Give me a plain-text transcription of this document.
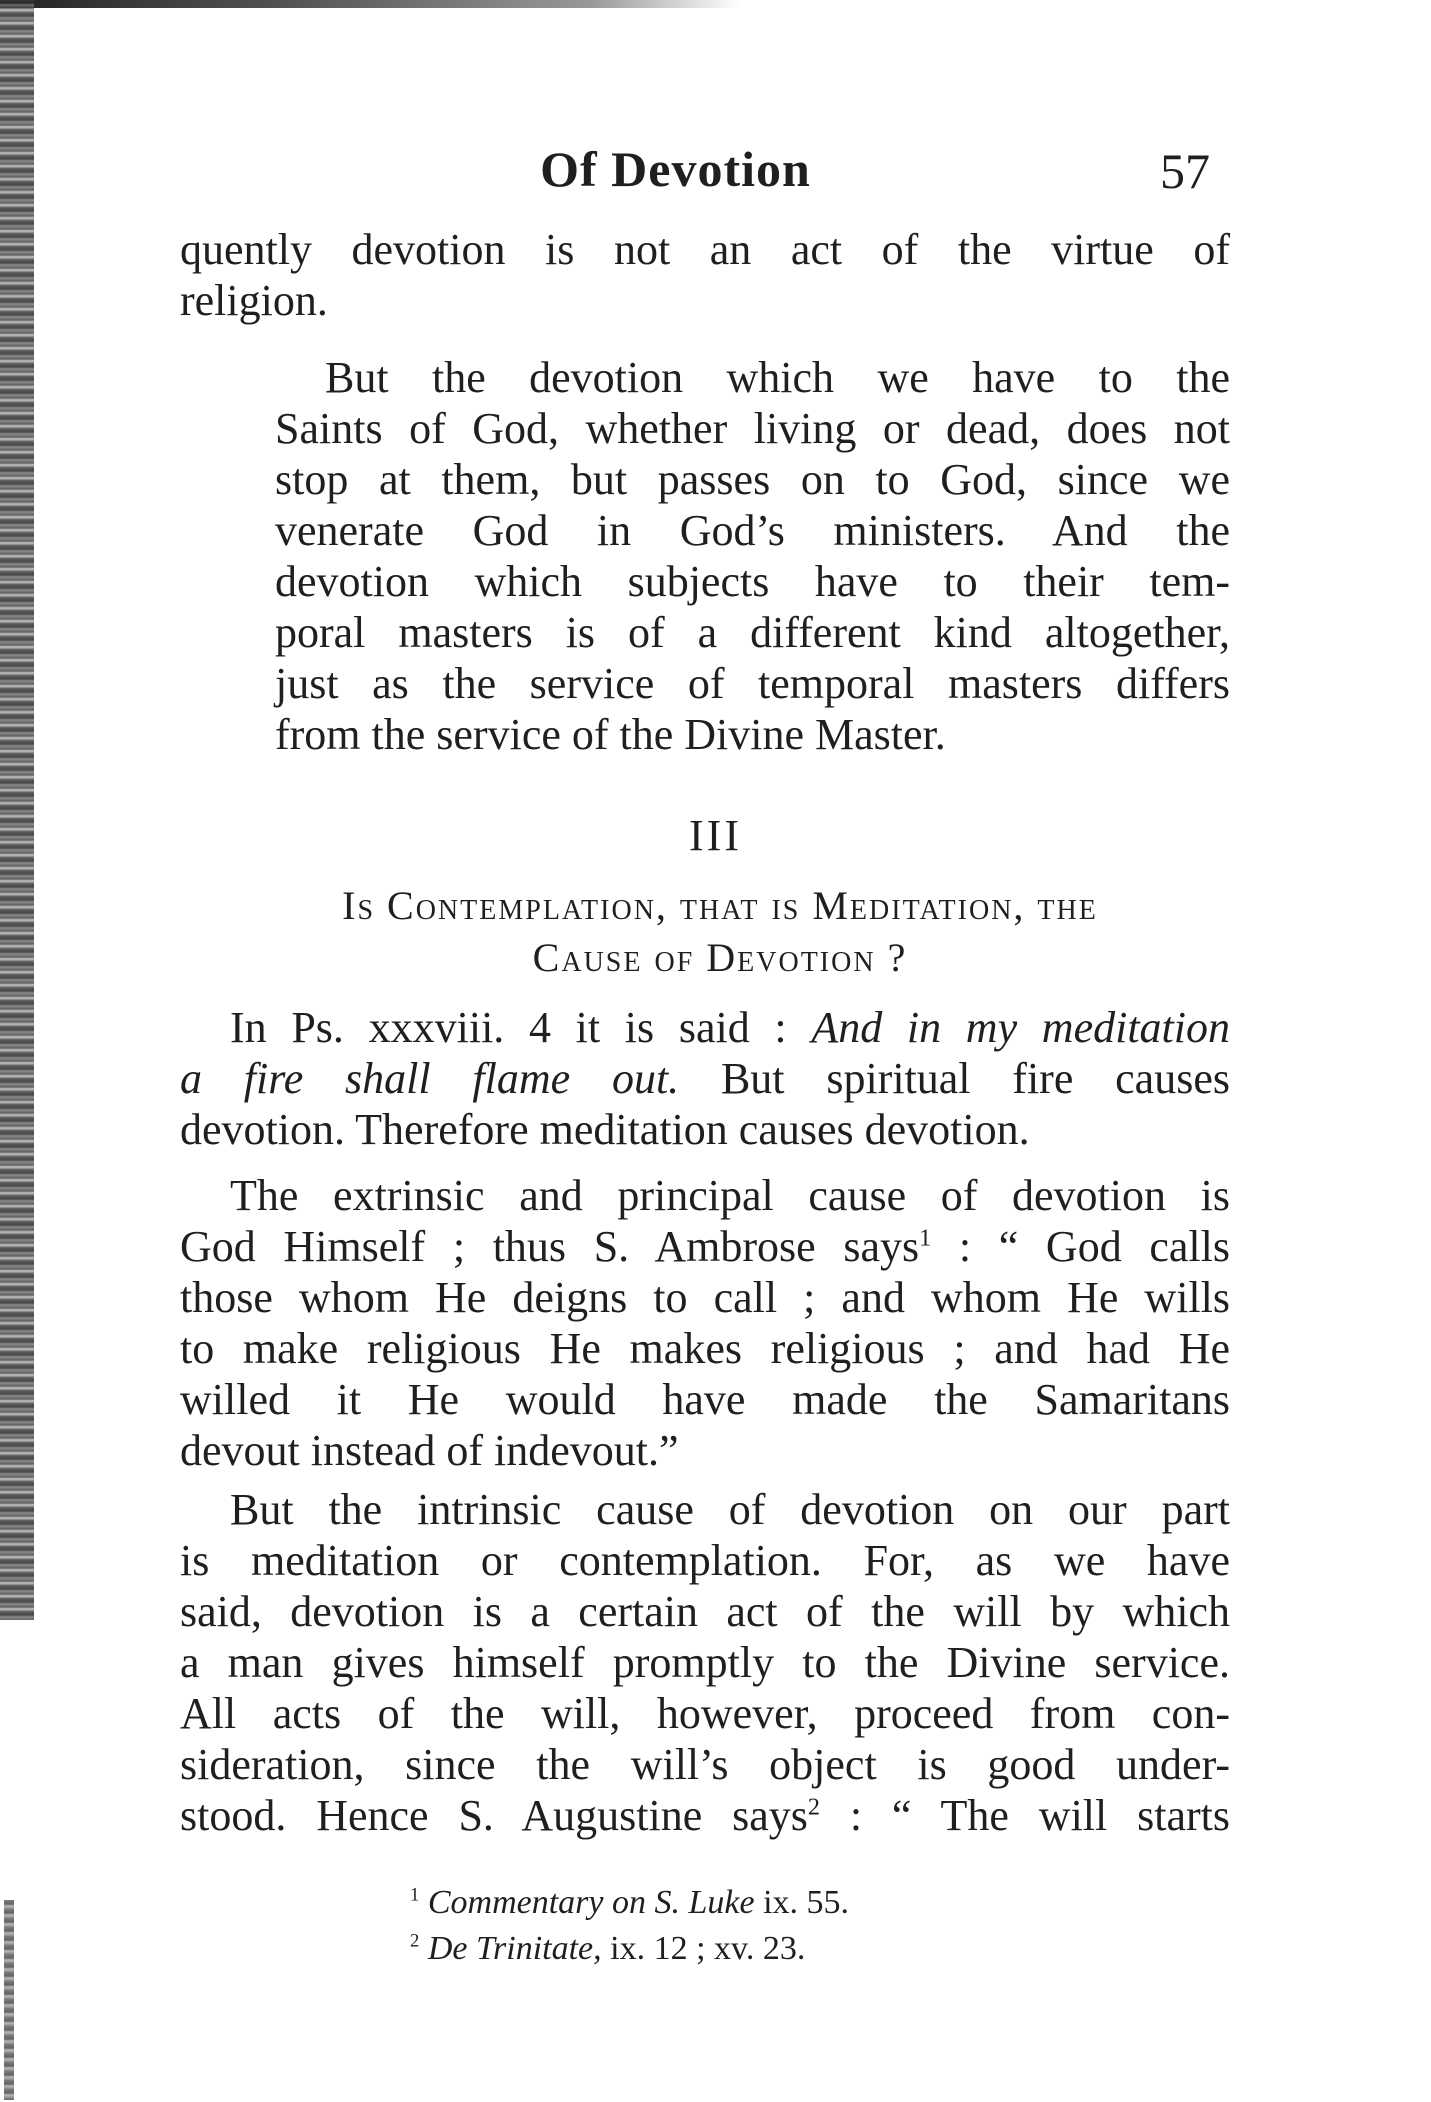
Of Devotion	57
quently devotion is not an act of the virtue of
religion.
But the devotion which we have to the
Saints of God, whether living or dead, does not
stop at them, but passes on to God, since we
venerate God in God’s ministers. And the
devotion which subjects have to their tem-
poral masters is of a different kind altogether,
just as the service of temporal masters differs
from the service of the Divine Master.
III
Is Contemplation, that is Meditation, the
Cause of Devotion ?
In Ps. xxxviii. 4 it is said : And in my meditation
a fire shall flame out. But spiritual fire causes
devotion. Therefore meditation causes devotion.
The extrinsic and principal cause of devotion is
God Himself ; thus S. Ambrose says$^1$ : “ God calls
those whom He deigns to call ; and whom He wills
to make religious He makes religious ; and had He
willed it He would have made the Samaritans
devout instead of indevout.”
But the intrinsic cause of devotion on our part
is meditation or contemplation. For, as we have
said, devotion is a certain act of the will by which
a man gives himself promptly to the Divine service.
All acts of the will, however, proceed from con-
sideration, since the will’s object is good under-
stood. Hence S. Augustine says$^2$ : “ The will starts
$^1$ Commentary on S. Luke ix. 55.
$^2$ De Trinitate, ix. 12 ; xv. 23.
